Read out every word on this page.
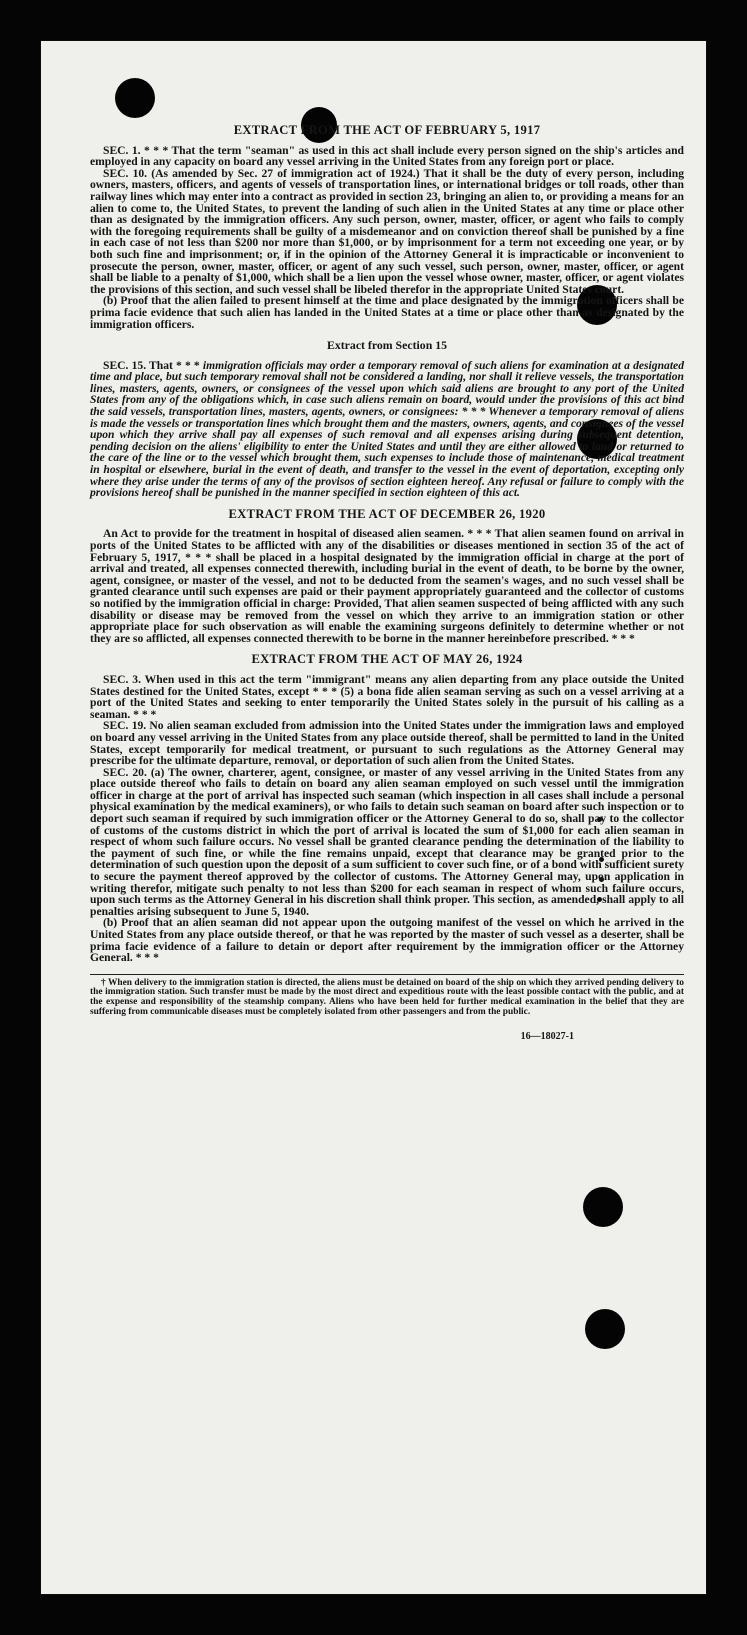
EXTRACT FROM THE ACT OF FEBRUARY 5, 1917

SEC. 1. * * * That the term "seaman" as used in this act shall include every person signed on the ship's articles and employed in any capacity on board any vessel arriving in the United States from any foreign port or place.

SEC. 10. (As amended by Sec. 27 of immigration act of 1924.) That it shall be the duty of every person, including owners, masters, officers, and agents of vessels of transportation lines, or international bridges or toll roads, other than railway lines which may enter into a contract as provided in section 23, bringing an alien to, or providing a means for an alien to come to, the United States, to prevent the landing of such alien in the United States at any time or place other than as designated by the immigration officers. Any such person, owner, master, officer, or agent who fails to comply with the foregoing requirements shall be guilty of a misdemeanor and on conviction thereof shall be punished by a fine in each case of not less than $200 nor more than $1,000, or by imprisonment for a term not exceeding one year, or by both such fine and imprisonment; or, if in the opinion of the Attorney General it is impracticable or inconvenient to prosecute the person, owner, master, officer, or agent of any such vessel, such person, owner, master, officer, or agent shall be liable to a penalty of $1,000, which shall be a lien upon the vessel whose owner, master, officer, or agent violates the provisions of this section, and such vessel shall be libeled therefor in the appropriate United States court.

(b) Proof that the alien failed to present himself at the time and place designated by the immigration officers shall be prima facie evidence that such alien has landed in the United States at a time or place other than as designated by the immigration officers.

Extract from Section 15

SEC. 15. That * * * immigration officials may order a temporary removal of such aliens for examination at a designated time and place, but such temporary removal shall not be considered a landing, nor shall it relieve vessels, the transportation lines, masters, agents, owners, or consignees of the vessel upon which said aliens are brought to any port of the United States from any of the obligations which, in case such aliens remain on board, would under the provisions of this act bind the said vessels, transportation lines, masters, agents, owners, or consignees: * * * Whenever a temporary removal of aliens is made the vessels or transportation lines which brought them and the masters, owners, agents, and consignees of the vessel upon which they arrive shall pay all expenses of such removal and all expenses arising during subsequent detention, pending decision on the aliens' eligibility to enter the United States and until they are either allowed to land or returned to the care of the line or to the vessel which brought them, such expenses to include those of maintenance, medical treatment in hospital or elsewhere, burial in the event of death, and transfer to the vessel in the event of deportation, excepting only where they arise under the terms of any of the provisos of section eighteen hereof. Any refusal or failure to comply with the provisions hereof shall be punished in the manner specified in section eighteen of this act.

EXTRACT FROM THE ACT OF DECEMBER 26, 1920

An Act to provide for the treatment in hospital of diseased alien seamen. * * * That alien seamen found on arrival in ports of the United States to be afflicted with any of the disabilities or diseases mentioned in section 35 of the act of February 5, 1917, * * * shall be placed in a hospital designated by the immigration official in charge at the port of arrival and treated, all expenses connected therewith, including burial in the event of death, to be borne by the owner, agent, consignee, or master of the vessel, and not to be deducted from the seamen's wages, and no such vessel shall be granted clearance until such expenses are paid or their payment appropriately guaranteed and the collector of customs so notified by the immigration official in charge: Provided, That alien seamen suspected of being afflicted with any such disability or disease may be removed from the vessel on which they arrive to an immigration station or other appropriate place for such observation as will enable the examining surgeons definitely to determine whether or not they are so afflicted, all expenses connected therewith to be borne in the manner hereinbefore prescribed. * * *

EXTRACT FROM THE ACT OF MAY 26, 1924

SEC. 3. When used in this act the term "immigrant" means any alien departing from any place outside the United States destined for the United States, except * * * (5) a bona fide alien seaman serving as such on a vessel arriving at a port of the United States and seeking to enter temporarily the United States solely in the pursuit of his calling as a seaman. * * *

SEC. 19. No alien seaman excluded from admission into the United States under the immigration laws and employed on board any vessel arriving in the United States from any place outside thereof, shall be permitted to land in the United States, except temporarily for medical treatment, or pursuant to such regulations as the Attorney General may prescribe for the ultimate departure, removal, or deportation of such alien from the United States.

SEC. 20. (a) The owner, charterer, agent, consignee, or master of any vessel arriving in the United States from any place outside thereof who fails to detain on board any alien seaman employed on such vessel until the immigration officer in charge at the port of arrival has inspected such seaman (which inspection in all cases shall include a personal physical examination by the medical examiners), or who fails to detain such seaman on board after such inspection or to deport such seaman if required by such immigration officer or the Attorney General to do so, shall pay to the collector of customs of the customs district in which the port of arrival is located the sum of $1,000 for each alien seaman in respect of whom such failure occurs. No vessel shall be granted clearance pending the determination of the liability to the payment of such fine, or while the fine remains unpaid, except that clearance may be granted prior to the determination of such question upon the deposit of a sum sufficient to cover such fine, or of a bond with sufficient surety to secure the payment thereof approved by the collector of customs. The Attorney General may, upon application in writing therefor, mitigate such penalty to not less than $200 for each seaman in respect of whom such failure occurs, upon such terms as the Attorney General in his discretion shall think proper. This section, as amended, shall apply to all penalties arising subsequent to June 5, 1940.

(b) Proof that an alien seaman did not appear upon the outgoing manifest of the vessel on which he arrived in the United States from any place outside thereof, or that he was reported by the master of such vessel as a deserter, shall be prima facie evidence of a failure to detain or deport after requirement by the immigration officer or the Attorney General. * * *

† When delivery to the immigration station is directed, the aliens must be detained on board of the ship on which they arrived pending delivery to the immigration station. Such transfer must be made by the most direct and expeditious route with the least possible contact with the public, and at the expense and responsibility of the steamship company. Aliens who have been held for further medical examination in the belief that they are suffering from communicable diseases must be completely isolated from other passengers and from the public.

16—18027-1
